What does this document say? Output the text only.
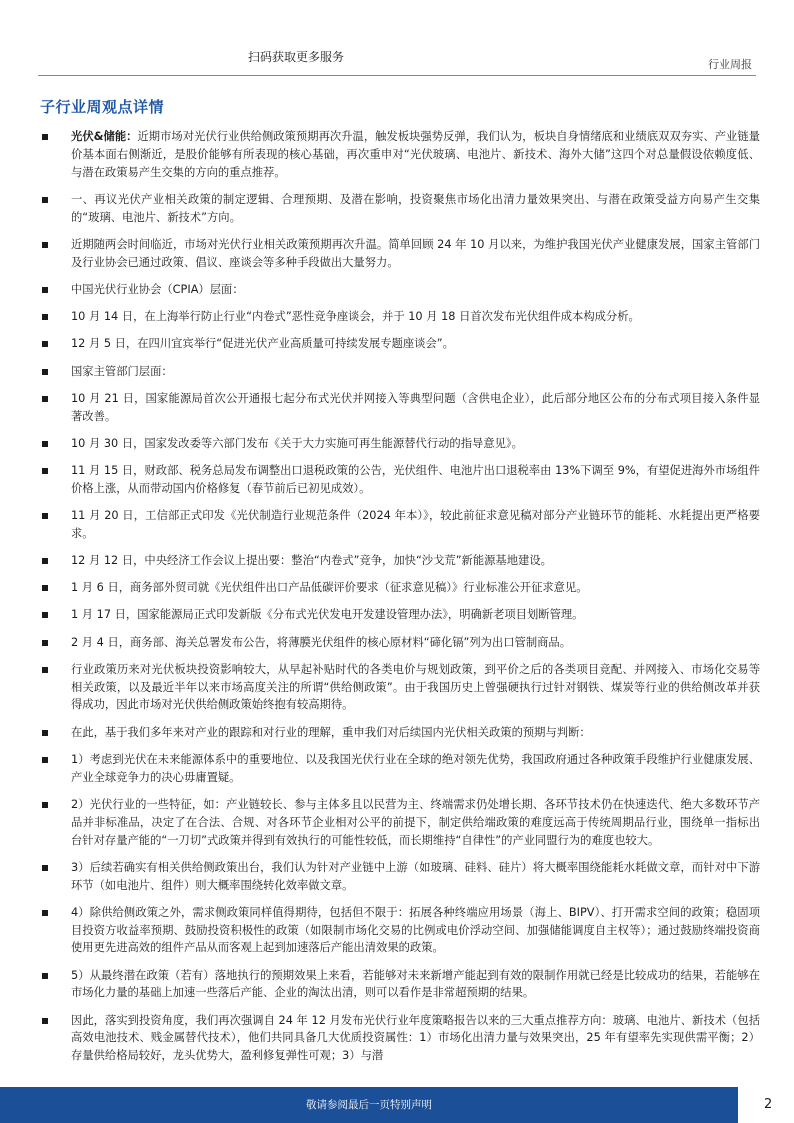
扫码获取更多服务
行业周报
子行业周观点详情

光伏&储能：近期市场对光伏行业供给侧政策预期再次升温，触发板块强势反弹，我们认为，板块自身情绪底和业绩底双双夯实、产业链量价基本面右侧渐近，是股价能够有所表现的核心基础，再次重申对“光伏玻璃、电池片、新技术、海外大储”这四个对总量假设依赖度低、与潜在政策易产生交集的方向的重点推荐。

一、再议光伏产业相关政策的制定逻辑、合理预期、及潜在影响，投资聚焦市场化出清力量效果突出、与潜在政策受益方向易产生交集的“玻璃、电池片、新技术”方向。

近期随两会时间临近，市场对光伏行业相关政策预期再次升温。简单回顾 24 年 10 月以来，为维护我国光伏产业健康发展，国家主管部门及行业协会已通过政策、倡议、座谈会等多种手段做出大量努力。

中国光伏行业协会（CPIA）层面：

10 月 14 日，在上海举行防止行业“内卷式”恶性竞争座谈会，并于 10 月 18 日首次发布光伏组件成本构成分析。

12 月 5 日，在四川宜宾举行“促进光伏产业高质量可持续发展专题座谈会”。

国家主管部门层面：

10 月 21 日，国家能源局首次公开通报七起分布式光伏并网接入等典型问题（含供电企业），此后部分地区公布的分布式项目接入条件显著改善。

10 月 30 日，国家发改委等六部门发布《关于大力实施可再生能源替代行动的指导意见》。

11 月 15 日，财政部、税务总局发布调整出口退税政策的公告，光伏组件、电池片出口退税率由 13%下调至 9%，有望促进海外市场组件价格上涨，从而带动国内价格修复（春节前后已初见成效）。

11 月 20 日，工信部正式印发《光伏制造行业规范条件（2024 年本）》，较此前征求意见稿对部分产业链环节的能耗、水耗提出更严格要求。

12 月 12 日，中央经济工作会议上提出要：整治“内卷式”竞争，加快“沙戈荒”新能源基地建设。

1 月 6 日，商务部外贸司就《光伏组件出口产品低碳评价要求（征求意见稿）》行业标准公开征求意见。

1 月 17 日，国家能源局正式印发新版《分布式光伏发电开发建设管理办法》，明确新老项目划断管理。

2 月 4 日，商务部、海关总署发布公告，将薄膜光伏组件的核心原材料“碲化镉”列为出口管制商品。

行业政策历来对光伏板块投资影响较大，从早起补贴时代的各类电价与规划政策，到平价之后的各类项目竞配、并网接入、市场化交易等相关政策，以及最近半年以来市场高度关注的所谓“供给侧政策”。由于我国历史上曾强硬执行过针对钢铁、煤炭等行业的供给侧改革并获得成功，因此市场对光伏供给侧政策始终抱有较高期待。

在此，基于我们多年来对产业的跟踪和对行业的理解，重申我们对后续国内光伏相关政策的预期与判断：

1）考虑到光伏在未来能源体系中的重要地位、以及我国光伏行业在全球的绝对领先优势，我国政府通过各种政策手段维护行业健康发展、产业全球竞争力的决心毋庸置疑。

2）光伏行业的一些特征，如：产业链较长、参与主体多且以民营为主、终端需求仍处增长期、各环节技术仍在快速迭代、绝大多数环节产品并非标准品，决定了在合法、合规、对各环节企业相对公平的前提下，制定供给端政策的难度远高于传统周期品行业，围绕单一指标出台针对存量产能的“一刀切”式政策并得到有效执行的可能性较低，而长期维持“自律性”的产业同盟行为的难度也较大。

3）后续若确实有相关供给侧政策出台，我们认为针对产业链中上游（如玻璃、硅料、硅片）将大概率围绕能耗水耗做文章，而针对中下游环节（如电池片、组件）则大概率围绕转化效率做文章。

4）除供给侧政策之外，需求侧政策同样值得期待，包括但不限于：拓展各种终端应用场景（海上、BIPV）、打开需求空间的政策；稳固项目投资方收益率预期、鼓励投资积极性的政策（如限制市场化交易的比例或电价浮动空间、加强储能调度自主权等）；通过鼓励终端投资商使用更先进高效的组件产品从而客观上起到加速落后产能出清效果的政策。

5）从最终潜在政策（若有）落地执行的预期效果上来看，若能够对未来新增产能起到有效的限制作用就已经是比较成功的结果，若能够在市场化力量的基础上加速一些落后产能、企业的淘汰出清，则可以看作是非常超预期的结果。

因此，落实到投资角度，我们再次强调自 24 年 12 月发布光伏行业年度策略报告以来的三大重点推荐方向：玻璃、电池片、新技术（包括高效电池技术、贱金属替代技术），他们共同具备几大优质投资属性：1）市场化出清力量与效果突出，25 年有望率先实现供需平衡；2）存量供给格局较好，龙头优势大，盈利修复弹性可观；3）与潜

敬请参阅最后一页特别声明	2
